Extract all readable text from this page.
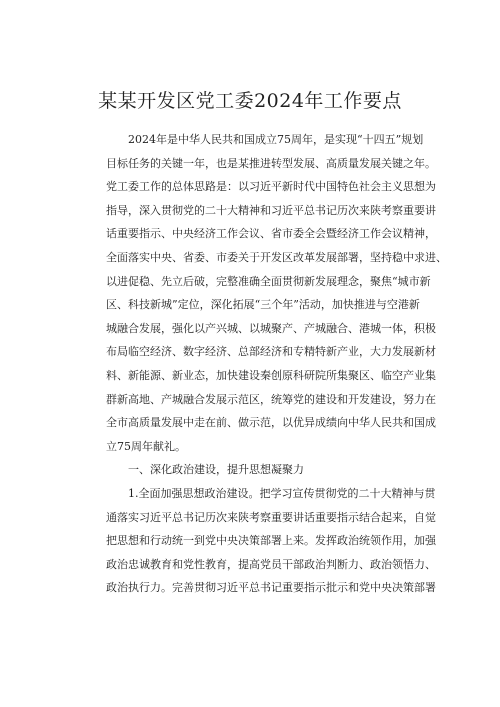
某某开发区党工委2024年工作要点
2024年是中华人民共和国成立75周年，是实现“十四五”规划
目标任务的关键一年，也是某推进转型发展、高质量发展关键之年。
党工委工作的总体思路是：以习近平新时代中国特色社会主义思想为
指导，深入贯彻党的二十大精神和习近平总书记历次来陕考察重要讲
话重要指示、中央经济工作会议、省市委全会暨经济工作会议精神，
全面落实中央、省委、市委关于开发区改革发展部署，坚持稳中求进、
以进促稳、先立后破，完整准确全面贯彻新发展理念，聚焦“城市新
区、科技新城”定位，深化拓展“三个年”活动，加快推进与空港新
城融合发展，强化以产兴城、以城聚产、产城融合、港城一体，积极
布局临空经济、数字经济、总部经济和专精特新产业，大力发展新材
料、新能源、新业态，加快建设秦创原科研院所集聚区、临空产业集
群新高地、产城融合发展示范区，统筹党的建设和开发建设，努力在
全市高质量发展中走在前、做示范，以优异成绩向中华人民共和国成
立75周年献礼。
一、深化政治建设，提升思想凝聚力
1.全面加强思想政治建设。把学习宣传贯彻党的二十大精神与贯
通落实习近平总书记历次来陕考察重要讲话重要指示结合起来，自觉
把思想和行动统一到党中央决策部署上来。发挥政治统领作用，加强
政治忠诚教育和党性教育，提高党员干部政治判断力、政治领悟力、
政治执行力。完善贯彻习近平总书记重要指示批示和党中央决策部署
